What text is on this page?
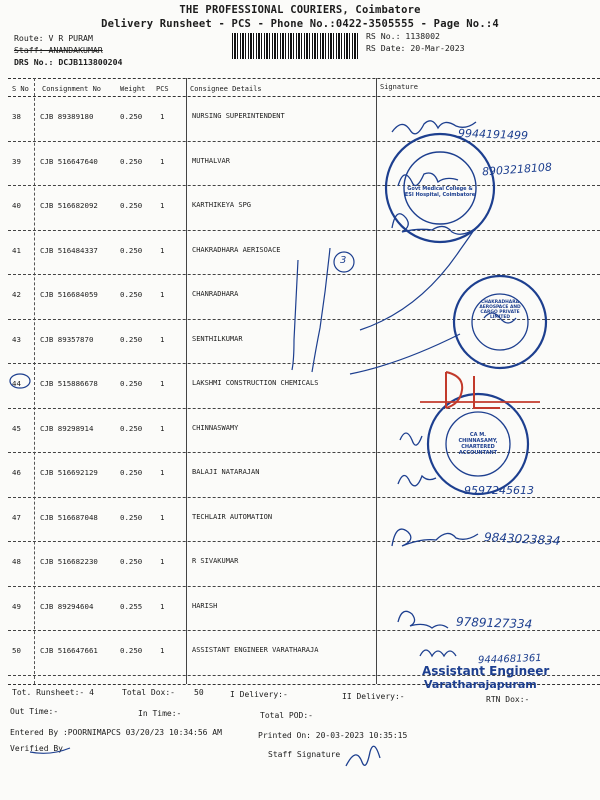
THE PROFESSIONAL COURIERS, Coimbatore
Delivery Runsheet - PCS - Phone No.:0422-3505555 - Page No.:4
Route: V R PURAM
Staff: ANANDAKUMAR
DRS No.: DCJB113800204
RS No.: 1138002
RS Date: 20-Mar-2023
S No Consignment No	Weight PCS	Consignee Details	Signature
38	CJB 89389180	0.250 1	NURSING SUPERINTENDENT
39	CJB 516647640	0.250 1	MUTHALVAR
40	CJB 516682092	0.250 1	KARTHIKEYA SPG
41	CJB 516484337	0.250 1	CHAKRADHARA AERISOACE
42	CJB 516684059	0.250 1	CHANRADHARA
43	CJB 89357870	0.250 1	SENTHILKUMAR
44	CJB 515886678	0.250 1	LAKSHMI CONSTRUCTION CHEMICALS
45	CJB 89298914	0.250 1	CHINNASWAMY
46	CJB 516692129	0.250 1	BALAJI NATARAJAN
47	CJB 516687048	0.250 1	TECHLAIR AUTOMATION
48	CJB 516682230	0.250 1	R SIVAKUMAR
49	CJB 89294604	0.255 1	HARISH
50	CJB 516647661	0.250 1	ASSISTANT ENGINEER VARATHARAJA
Tot. Runsheet:- 4	Total Dox:- 50	I Delivery:-	II Delivery:-	RTN Dox:-
Out Time:-	In Time:-	Total POD:-
Entered By :POORNIMAPCS 03/20/23 10:34:56 AM	Printed On: 20-03-2023 10:35:15
Verified By
Staff Signature
9944191499
8903218108
3
9597245613
9843023834
9789127334
9444681361
Assistant Engineer
Varatharajapuram
Govt Medical College & ESI Hospital, Coimbatore
CHAKRADHARA AEROSPACE AND CARGO PRIVATE LIMITED
CA M. CHINNASAMY, CHARTERED ACCOUNTANT
